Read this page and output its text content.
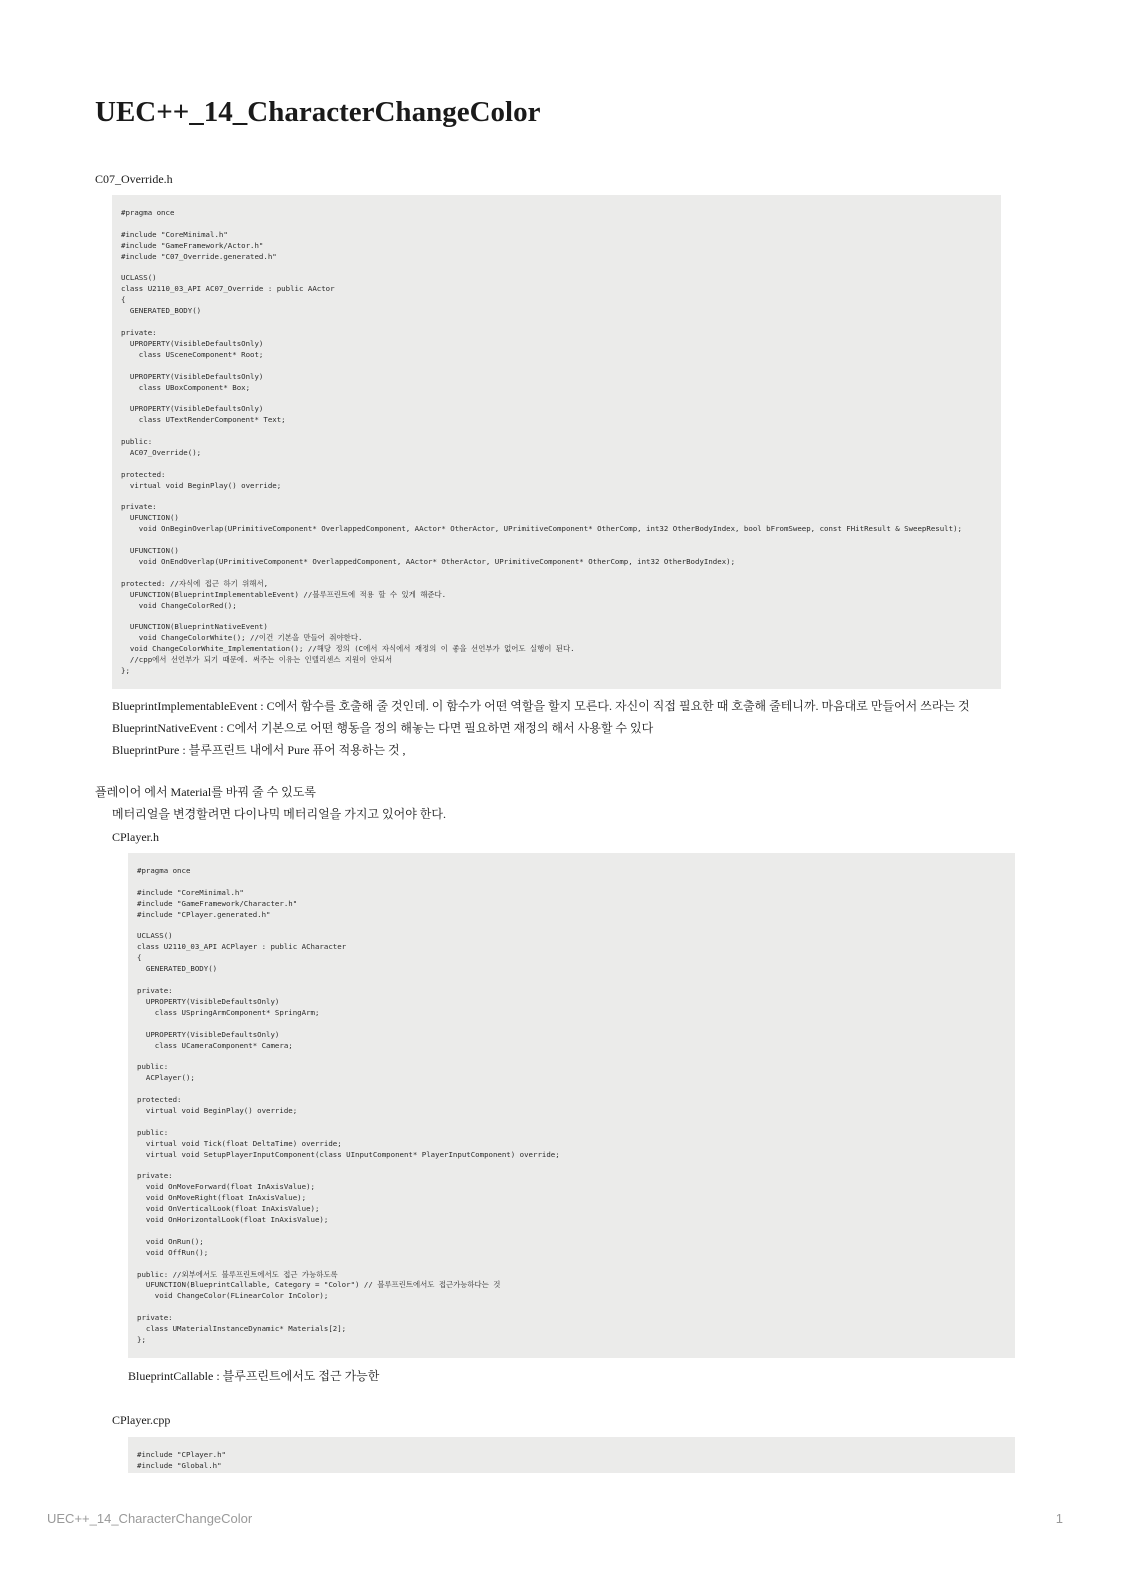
UEC++_14_CharacterChangeColor
C07_Override.h
#pragma once

#include "CoreMinimal.h"
#include "GameFramework/Actor.h"
#include "C07_Override.generated.h"

UCLASS()
class U2110_03_API AC07_Override : public AActor
{
GENERATED_BODY()

private:
UPROPERTY(VisibleDefaultsOnly)
class USceneComponent* Root;

UPROPERTY(VisibleDefaultsOnly)
class UBoxComponent* Box;

UPROPERTY(VisibleDefaultsOnly)
class UTextRenderComponent* Text;

public:
AC07_Override();

protected:
virtual void BeginPlay() override;

private:
UFUNCTION()
void OnBeginOverlap(UPrimitiveComponent* OverlappedComponent, AActor* OtherActor, UPrimitiveComponent* OtherComp, int32 OtherBodyIndex, bool bFromSweep, const FHitResult & SweepResult);

UFUNCTION()
void OnEndOverlap(UPrimitiveComponent* OverlappedComponent, AActor* OtherActor, UPrimitiveComponent* OtherComp, int32 OtherBodyIndex);

protected: //자식에 접근 하기 위해서,
UFUNCTION(BlueprintImplementableEvent) //블루프린트에 적용 할 수 있게 해준다.
void ChangeColorRed();

UFUNCTION(BlueprintNativeEvent)
void ChangeColorWhite(); //이건 기본을 만들어 줘야한다.
void ChangeColorWhite_Implementation(); //해당 정의 (C에서 자식에서 재정의 이 좋을 선언부가 없어도 실행이 된다.
//cpp에서 선언부가 되기 때문에. 써주는 이유는 인텔리센스 지원이 안되서
};
BlueprintImplementableEvent : C에서 함수를 호출해 줄 것인데. 이 함수가 어떤 역할을 할지 모른다. 자신이 직접 필요한 때 호출해 줄테니까. 마음대로 만들어서 쓰라는 것
BlueprintNativeEvent : C에서 기본으로 어떤 행동을 정의 해놓는 다면 필요하면 재정의 해서 사용할 수 있다
BlueprintPure : 블루프린트 내에서 Pure 퓨어 적용하는 것 ,
플레이어 에서 Material를 바꿔 줄 수 있도록
메터리얼을 변경할려면 다이나믹 메터리얼을 가지고 있어야 한다.
CPlayer.h
#pragma once

#include "CoreMinimal.h"
#include "GameFramework/Character.h"
#include "CPlayer.generated.h"

UCLASS()
class U2110_03_API ACPlayer : public ACharacter
{
GENERATED_BODY()

private:
UPROPERTY(VisibleDefaultsOnly)
class USpringArmComponent* SpringArm;

UPROPERTY(VisibleDefaultsOnly)
class UCameraComponent* Camera;

public:
ACPlayer();

protected:
virtual void BeginPlay() override;

public:
virtual void Tick(float DeltaTime) override;
virtual void SetupPlayerInputComponent(class UInputComponent* PlayerInputComponent) override;

private:
void OnMoveForward(float InAxisValue);
void OnMoveRight(float InAxisValue);
void OnVerticalLook(float InAxisValue);
void OnHorizontalLook(float InAxisValue);

void OnRun();
void OffRun();

public: //외부에서도 블루프린트에서도 접근 가능하도록
UFUNCTION(BlueprintCallable, Category = "Color") // 블루프린트에서도 접근가능하다는 것
void ChangeColor(FLinearColor InColor);

private:
class UMaterialInstanceDynamic* Materials[2];
};
BlueprintCallable : 블루프린트에서도 접근 가능한
CPlayer.cpp
#include "CPlayer.h"
#include "Global.h"
UEC++_14_CharacterChangeColor	1
